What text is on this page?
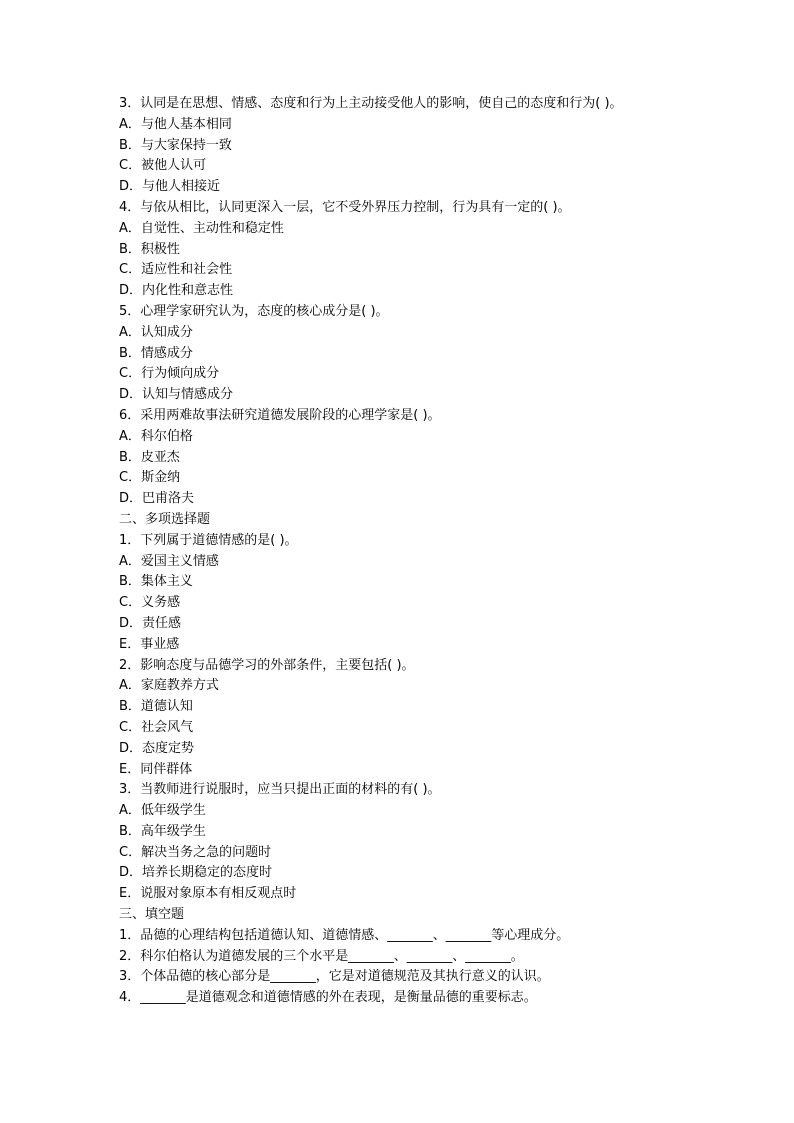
3．认同是在思想、情感、态度和行为上主动接受他人的影响，使自己的态度和行为( )。
A．与他人基本相同
B．与大家保持一致
C．被他人认可
D．与他人相接近
4．与依从相比，认同更深入一层，它不受外界压力控制，行为具有一定的( )。
A．自觉性、主动性和稳定性
B．积极性
C．适应性和社会性
D．内化性和意志性
5．心理学家研究认为，态度的核心成分是( )。
A．认知成分
B．情感成分
C．行为倾向成分
D．认知与情感成分
6．采用两难故事法研究道德发展阶段的心理学家是( )。
A．科尔伯格
B．皮亚杰
C．斯金纳
D．巴甫洛夫
二、多项选择题
1．下列属于道德情感的是( )。
A．爱国主义情感
B．集体主义
C．义务感
D．责任感
E．事业感
2．影响态度与品德学习的外部条件，主要包括( )。
A．家庭教养方式
B．道德认知
C．社会风气
D．态度定势
E．同伴群体
3．当教师进行说服时，应当只提出正面的材料的有( )。
A．低年级学生
B．高年级学生
C．解决当务之急的问题时
D．培养长期稳定的态度时
E．说服对象原本有相反观点时
三、填空题
1．品德的心理结构包括道德认知、道德情感、_______、_______等心理成分。
2．科尔伯格认为道德发展的三个水平是_______、_______、_______。
3．个体品德的核心部分是_______，它是对道德规范及其执行意义的认识。
4．_______是道德观念和道德情感的外在表现，是衡量品德的重要标志。
